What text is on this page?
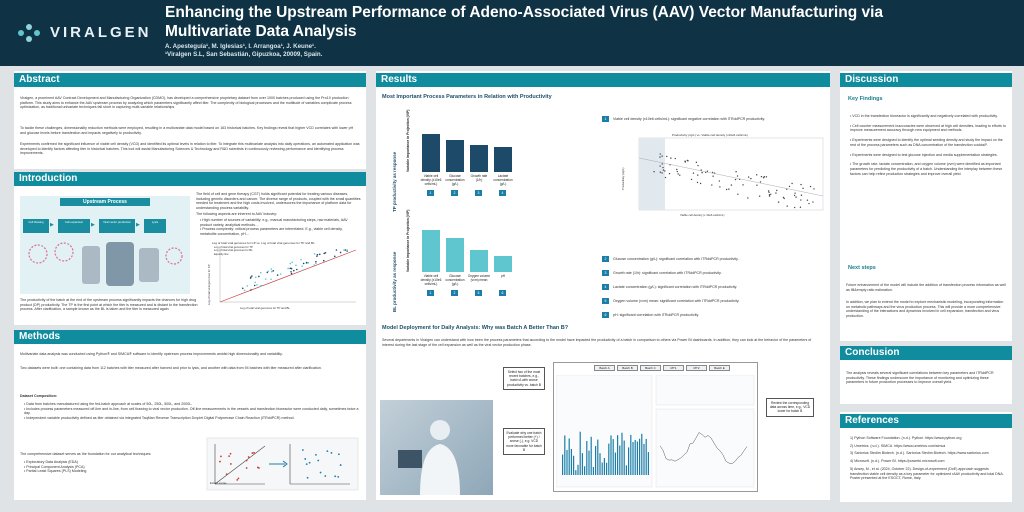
VIRALGEN
Enhancing the Upstream Performance of Adeno-Associated Virus (AAV) Vector Manufacturing via Multivariate Data Analysis
A. Apesteguía¹, M. Iglesias¹, I. Arrangoa¹, J. Keune¹.
¹Viralgen S.L, San Sebastián, Gipuzkoa, 20009, Spain.
Abstract
Viralgen, a prominent AAV Contract Development and Manufacturing Organization (CDMO), has developed a comprehensive proprietary dataset from over 1000 batches produced using the Pro10 production platform. This study aims to enhance the AAV upstream process by analyzing which parameters significantly affect titer. The complexity of biological processes and the multitude of variables complicate process optimization, as traditional univariate techniques fall short in capturing multi-variable relationships.
To tackle these challenges, dimensionality reduction methods were employed, resulting in a multivariate data model based on 163 historical batches. Key findings reveal that higher VCD correlates with lower pH and glucose levels before transfection and impacts negatively to productivity.
Experiments confirmed the significant influence of viable cell density (VCD) and identified its optimal levels in relation to titer. To integrate this multivariate analysis into daily operations, an automated application was developed to identify factors affecting titer in historical batches. This tool will assist Manufacturing Sciences & Technology and R&D scientists in continuously reviewing performance and identifying process improvements.
Introduction
Upstream Process
Cell thawing	▶	Cell expansion	▶	Viral vector production	▶	Lysis
The field of cell and gene therapy (CGT) holds significant potential for treating various diseases, including genetic disorders and cancer. The diverse range of products, coupled with the small quantities needed for treatment and the high costs involved, underscores the importance of platform data for understanding process variability.
The following aspects are inherent to AAV industry:
• High number of sources of variability: e.g., manual manufacturing steps, raw materials, AAV product variety, analytical methods…
• Process complexity: critical process parameters are interrelated. E.g., viable cell density, metabolite concentration, pH…
Log of total viral genomes for CP vs. Log of total viral genomes for TP and BL
Log of total viral genomes for TP
Log of total viral genomes for BL
Equality line
Log of total viral genomes for TP and BL
Log of total viral genomes for CP
The productivity of the batch at the end of the upstream process significantly impacts the chances for high drug product (DP) productivity. The TP is the first point at which the titer is measured and is distant to the transfection process. After clarification, a sample known as the BL is taken and the titer is measured again
Methods
Multivariate data analysis was conducted using Python® and SIMCA® software to identify upstream process improvements amidst high dimensionality and variability.
Two datasets were built: one containing data from 112 batches with titer measured after harvest and prior to lysis, and another with data from 94 batches with titer measured after clarification.
Dataset Composition:
• Data from batches manufactured using the fed-batch approach at scales of 50L, 250L, 500L, and 2000L.
• Includes process parameters measured off-line and in-line, from cell thawing to viral vector production. Off-line measurements in the vessels and transfection bioreactor were conducted daily, sometimes twice a day.
• Independent variable productivity defined as titer obtained via integrated TaqMan Reverse Transcription Droplet Digital Polymerase Chain Reaction (ITRddPCR) method.
The comprehensive dataset serves as the foundation for our analytical techniques:
• Exploratory Data Analysis (EDA)
• Principal Component Analysis (PCA)
• Partial Least Squares (PLS) Modeling
Extract scores
Results
Most Important Process Parameters in Relation with Productivity
TP productivity as response
Variable Importance in Projection (VIP)
Viable cell density (x10e6 cells/mL)
1
Glucose concentration (g/L)
2
Growth rate (1/h)
3
Lactate concentration (g/L)
4
BL productivity as response
Variable Importance in Projection (VIP)
Viable cell density (x10e6 cells/mL)
1
Glucose concentration (g/L)
2
Oxygen volume (vvm) mean
5
pH
6
1	Viable cell density (x10e6 cells/mL): significant negative correlation with ITRddPCR productivity.
2	Glucose concentration (g/L): significant correlation with ITRddPCR productivity.
3	Growth rate (1/h): significant correlation with ITRddPCR productivity.
4	Lactate concentration (g/L): significant correlation with ITRddPCR productivity.
5	Oxygen volume (vvm) mean: significant correlation with ITRddPCR productivity.
6	pH: significant correlation with ITRddPCR productivity.
Productivity (vg/L) vs. Viable cell density (x10e6 cells/mL)
Viable cell density (x 10e6 cells/mL)
Productivity (vg/L)
Model Deployment for Daily Analysis: Why was Batch A Better Than B?
Several departments in Viralgen can understand with how been the process parameters that according to the model have impacted the productivity of a batch in comparison to others via Power BI dashboards. In addition, they can look at the behavior of the parameters of interest during the last stage of the cell expansion as well as the viral vector production phase.
Select two of the most recent batches, e.g., batch A with worse productivity vs. batch B
Evaluate why one batch performed better (+) / worse (-), e.g. VCD more favorable for batch B
Review the corresponding data across time, e.g., VCD lower for batch B
Batch A	Batch B	Batch C	MT1	MT2	Batch E
Discussion
Key Findings
• VCD in the transfection bioreactor is significantly and negatively correlated with productivity.
• Cell counter measurement inaccuracies were observed at high cell densities, leading to efforts to improve measurement accuracy through new equipment and methods.
• Experiments were designed to identify the optimal seeding density and study the impact on the rest of the process parameters such as DNA concentration of the transfection cocktail¹.
• Experiments were designed to test glucose injection and media supplementation strategies.
• The growth rate, lactate concentration, and oxygen volume (vvm) were identified as important parameters for predicting the productivity of a batch. Understanding the interplay between these factors can help refine production strategies and improve overall yield.
Next steps
Future enhancement of the model will include the addition of transfection process information as well as fill&empty ratio estimation.
In addition, we plan to extend the model to explore mechanistic modeling, incorporating information on metabolic pathways and the virus production process. This will provide a more comprehensive understanding of the interactions and dynamics involved in cell expansion, transfection and virus production.
Conclusion
The analysis reveals several significant correlations between key parameters and ITRddPCR productivity. These findings underscore the importance of monitoring and optimizing these parameters in future production processes to improve overall yield.
References
1) Python Software Foundation. (n.d.). Python. https://www.python.org
2) Umetrics. (n.d.). SIMCA. https://www.umetrics.com/simca
3) Sartorius Stedim Biotech. (n.d.). Sartorius Stedim Biotech. https://www.sartorius.com
4) Microsoft. (n.d.). Power BI. https://powerbi.microsoft.com
5) Ansey, M., et al. (2024, October 22). Design-of-experiment (DoE) approach suggests transfection viable cell density as a key parameter for optimized rAAV productivity and total DNA. Poster presented at the ESGCT, Rome, Italy.
